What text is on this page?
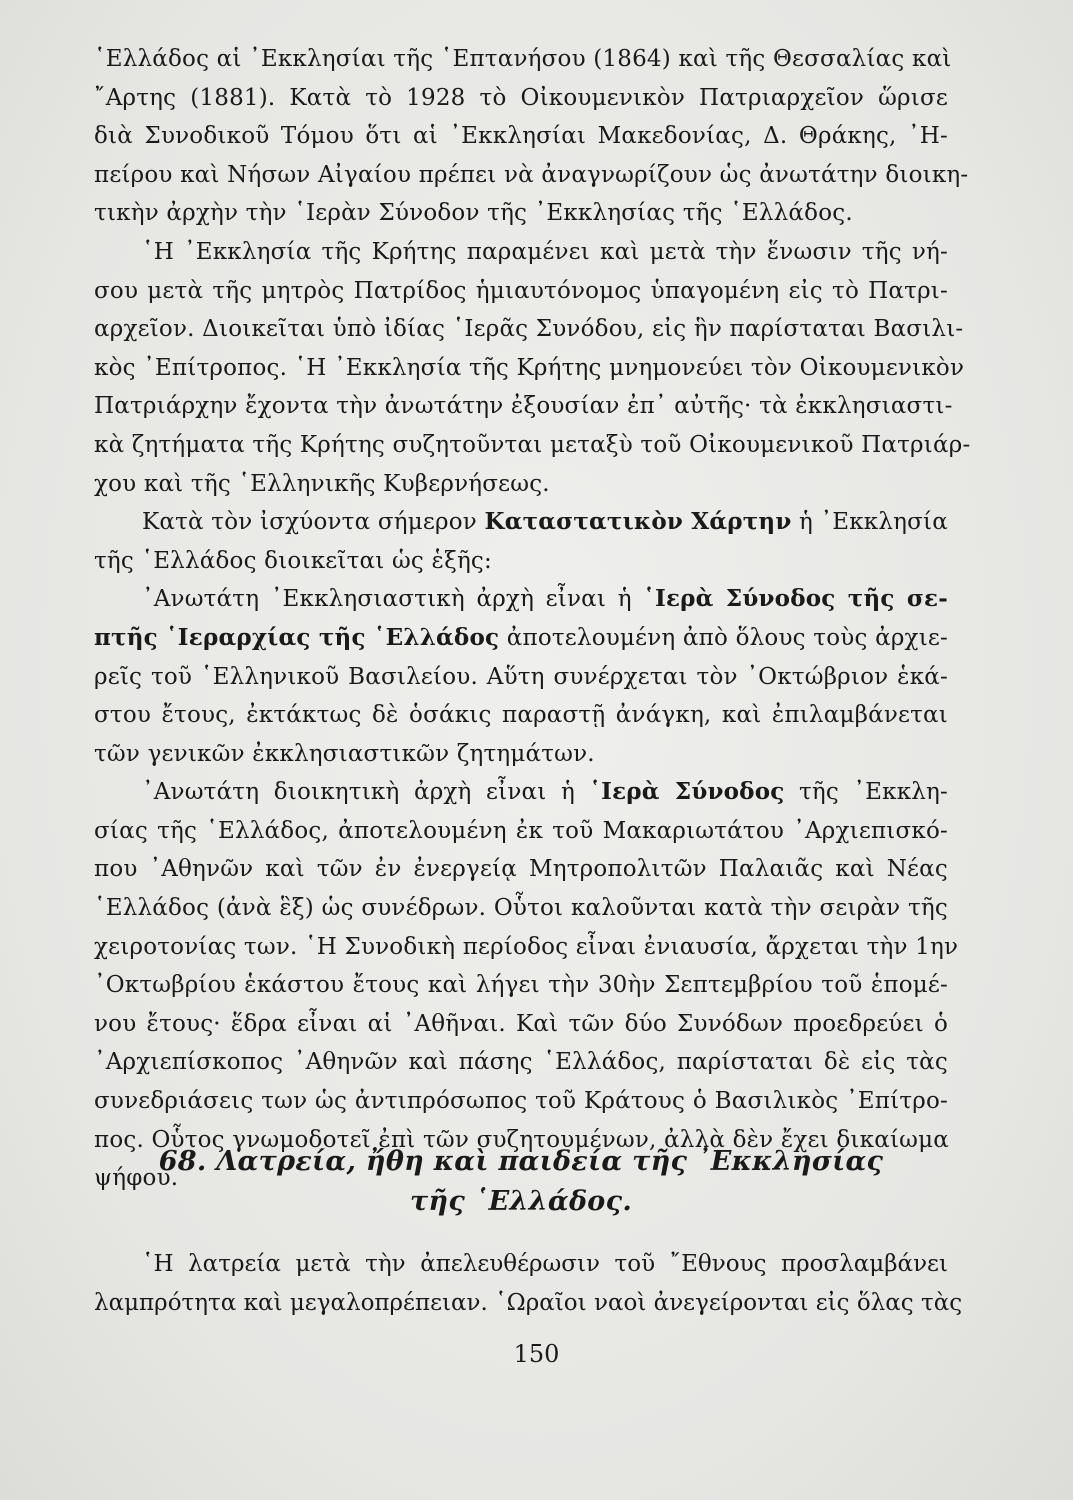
῾Ελλάδος αἱ ᾿Εκκλησίαι τῆς ῾Επτανήσου (1864) καὶ τῆς Θεσσαλίας καὶ
῎Αρτης (1881). Κατὰ τὸ 1928 τὸ Οἰκουμενικὸν Πατριαρχεῖον ὥρισε
διὰ Συνοδικοῦ Τόμου ὅτι αἱ ᾿Εκκλησίαι Μακεδονίας, Δ. Θράκης, ᾿Η-
πείρου καὶ Νήσων Αἰγαίου πρέπει νὰ ἀναγνωρίζουν ὡς ἀνωτάτην διοικη-
τικὴν ἀρχὴν τὴν ῾Ιερὰν Σύνοδον τῆς ᾿Εκκλησίας τῆς ῾Ελλάδος.
῾Η ᾿Εκκλησία τῆς Κρήτης παραμένει καὶ μετὰ τὴν ἕνωσιν τῆς νή-
σου μετὰ τῆς μητρὸς Πατρίδος ἡμιαυτόνομος ὑπαγομένη εἰς τὸ Πατρι-
αρχεῖον. Διοικεῖται ὑπὸ ἰδίας ῾Ιερᾶς Συνόδου, εἰς ἣν παρίσταται Βασιλι-
κὸς ᾿Επίτροπος. ῾Η ᾿Εκκλησία τῆς Κρήτης μνημονεύει τὸν Οἰκουμενικὸν
Πατριάρχην ἔχοντα τὴν ἀνωτάτην ἐξουσίαν ἐπ᾿ αὐτῆς· τὰ ἐκκλησιαστι-
κὰ ζητήματα τῆς Κρήτης συζητοῦνται μεταξὺ τοῦ Οἰκουμενικοῦ Πατριάρ-
χου καὶ τῆς ῾Ελληνικῆς Κυβερνήσεως.
Κατὰ τὸν ἰσχύοντα σήμερον Καταστατικὸν Χάρτην ἡ ᾿Εκκλησία
τῆς ῾Ελλάδος διοικεῖται ὡς ἑξῆς:
᾿Ανωτάτη ᾿Εκκλησιαστικὴ ἀρχὴ εἶναι ἡ ῾Ιερὰ Σύνοδος τῆς σε-
πτῆς ῾Ιεραρχίας τῆς ῾Ελλάδος ἀποτελουμένη ἀπὸ ὅλους τοὺς ἀρχιε-
ρεῖς τοῦ ῾Ελληνικοῦ Βασιλείου. Αὕτη συνέρχεται τὸν ᾿Οκτώβριον ἑκά-
στου ἔτους, ἐκτάκτως δὲ ὁσάκις παραστῇ ἀνάγκη, καὶ ἐπιλαμβάνεται
τῶν γενικῶν ἐκκλησιαστικῶν ζητημάτων.
᾿Ανωτάτη διοικητικὴ ἀρχὴ εἶναι ἡ ῾Ιερὰ Σύνοδος τῆς ᾿Εκκλη-
σίας τῆς ῾Ελλάδος, ἀποτελουμένη ἐκ τοῦ Μακαριωτάτου ᾿Αρχιεπισκό-
που ᾿Αθηνῶν καὶ τῶν ἐν ἐνεργείᾳ Μητροπολιτῶν Παλαιᾶς καὶ Νέας
῾Ελλάδος (ἀνὰ ἓξ) ὡς συνέδρων. Οὗτοι καλοῦνται κατὰ τὴν σειρὰν τῆς
χειροτονίας των. ῾Η Συνοδικὴ περίοδος εἶναι ἐνιαυσία, ἄρχεται τὴν 1ην
᾿Οκτωβρίου ἑκάστου ἔτους καὶ λήγει τὴν 30ὴν Σεπτεμβρίου τοῦ ἑπομέ-
νου ἔτους· ἕδρα εἶναι αἱ ᾿Αθῆναι. Καὶ τῶν δύο Συνόδων προεδρεύει ὁ
᾿Αρχιεπίσκοπος ᾿Αθηνῶν καὶ πάσης ῾Ελλάδος, παρίσταται δὲ εἰς τὰς
συνεδριάσεις των ὡς ἀντιπρόσωπος τοῦ Κράτους ὁ Βασιλικὸς ᾿Επίτρο-
πος. Οὗτος γνωμοδοτεῖ ἐπὶ τῶν συζητουμένων, ἀλλὰ δὲν ἔχει δικαίωμα
ψήφου.
68. Λατρεία, ἤθη καὶ παιδεία τῆς ᾿Εκκλησίας
τῆς ῾Ελλάδος.
῾Η λατρεία μετὰ τὴν ἀπελευθέρωσιν τοῦ ῎Εθνους προσλαμβάνει
λαμπρότητα καὶ μεγαλοπρέπειαν. ῾Ωραῖοι ναοὶ ἀνεγείρονται εἰς ὅλας τὰς
150
